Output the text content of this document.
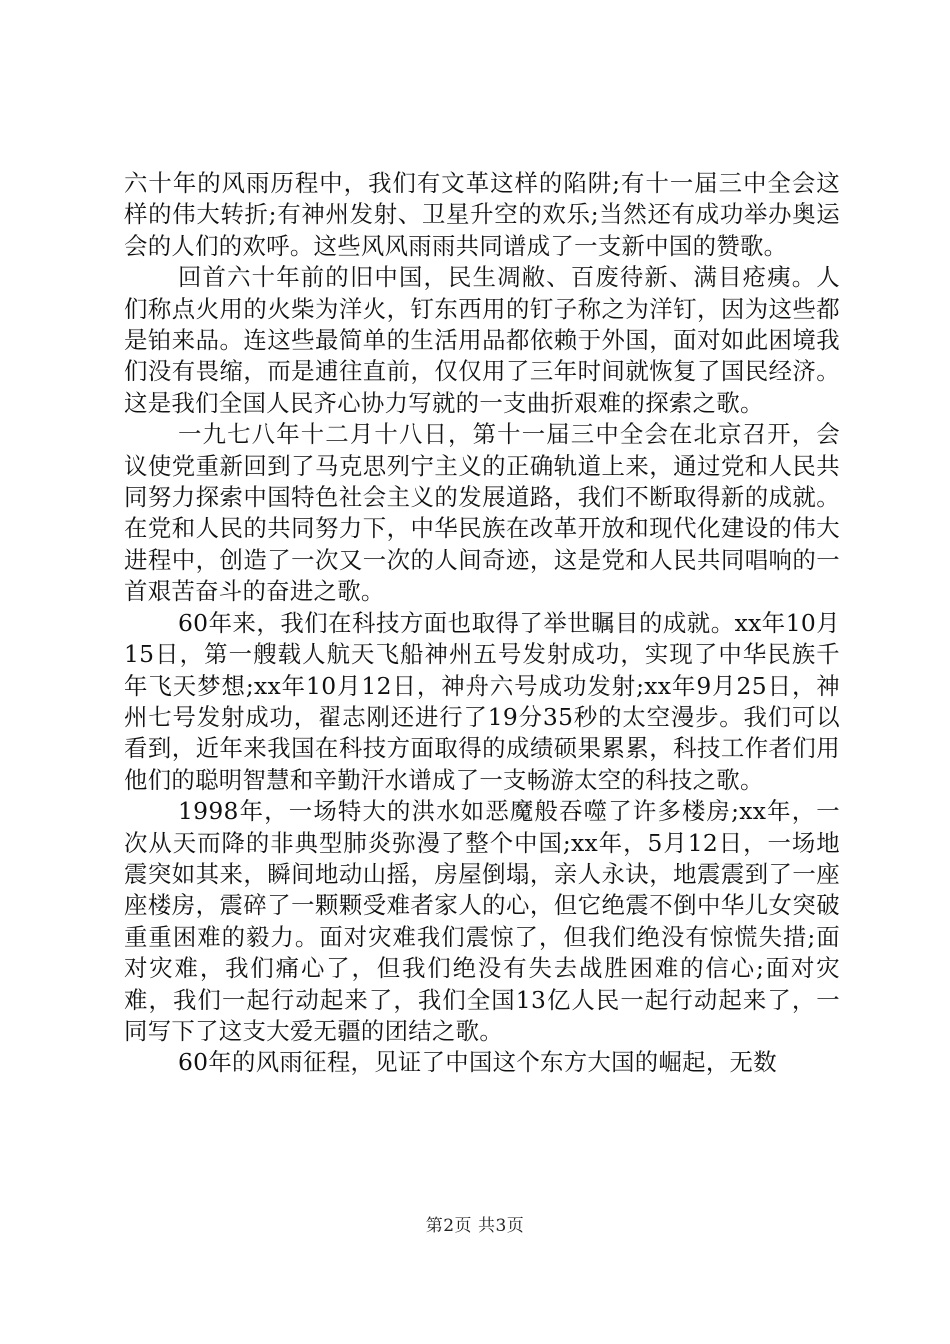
六十年的风雨历程中，我们有文革这样的陷阱;有十一届三中全会这样的伟大转折;有神州发射、卫星升空的欢乐;当然还有成功举办奥运会的人们的欢呼。这些风风雨雨共同谱成了一支新中国的赞歌。

回首六十年前的旧中国，民生凋敝、百废待新、满目疮痍。人们称点火用的火柴为洋火，钉东西用的钉子称之为洋钉，因为这些都是铂来品。连这些最简单的生活用品都依赖于外国，面对如此困境我们没有畏缩，而是逋往直前，仅仅用了三年时间就恢复了国民经济。这是我们全国人民齐心协力写就的一支曲折艰难的探索之歌。

一九七八年十二月十八日，第十一届三中全会在北京召开，会议使党重新回到了马克思列宁主义的正确轨道上来，通过党和人民共同努力探索中国特色社会主义的发展道路，我们不断取得新的成就。在党和人民的共同努力下，中华民族在改革开放和现代化建设的伟大进程中，创造了一次又一次的人间奇迹，这是党和人民共同唱响的一首艰苦奋斗的奋进之歌。

60年来，我们在科技方面也取得了举世瞩目的成就。xx年10月15日，第一艘载人航天飞船神州五号发射成功，实现了中华民族千年飞天梦想;xx年10月12日，神舟六号成功发射;xx年9月25日，神州七号发射成功，翟志刚还进行了19分35秒的太空漫步。我们可以看到，近年来我国在科技方面取得的成绩硕果累累，科技工作者们用他们的聪明智慧和辛勤汗水谱成了一支畅游太空的科技之歌。

1998年，一场特大的洪水如恶魔般吞噬了许多楼房;xx年，一次从天而降的非典型肺炎弥漫了整个中国;xx年，5月12日，一场地震突如其来，瞬间地动山摇，房屋倒塌，亲人永诀，地震震到了一座座楼房，震碎了一颗颗受难者家人的心，但它绝震不倒中华儿女突破重重困难的毅力。面对灾难我们震惊了，但我们绝没有惊慌失措;面对灾难，我们痛心了，但我们绝没有失去战胜困难的信心;面对灾难，我们一起行动起来了，我们全国13亿人民一起行动起来了，一同写下了这支大爱无疆的团结之歌。

60年的风雨征程，见证了中国这个东方大国的崛起，无数

第2页 共3页
